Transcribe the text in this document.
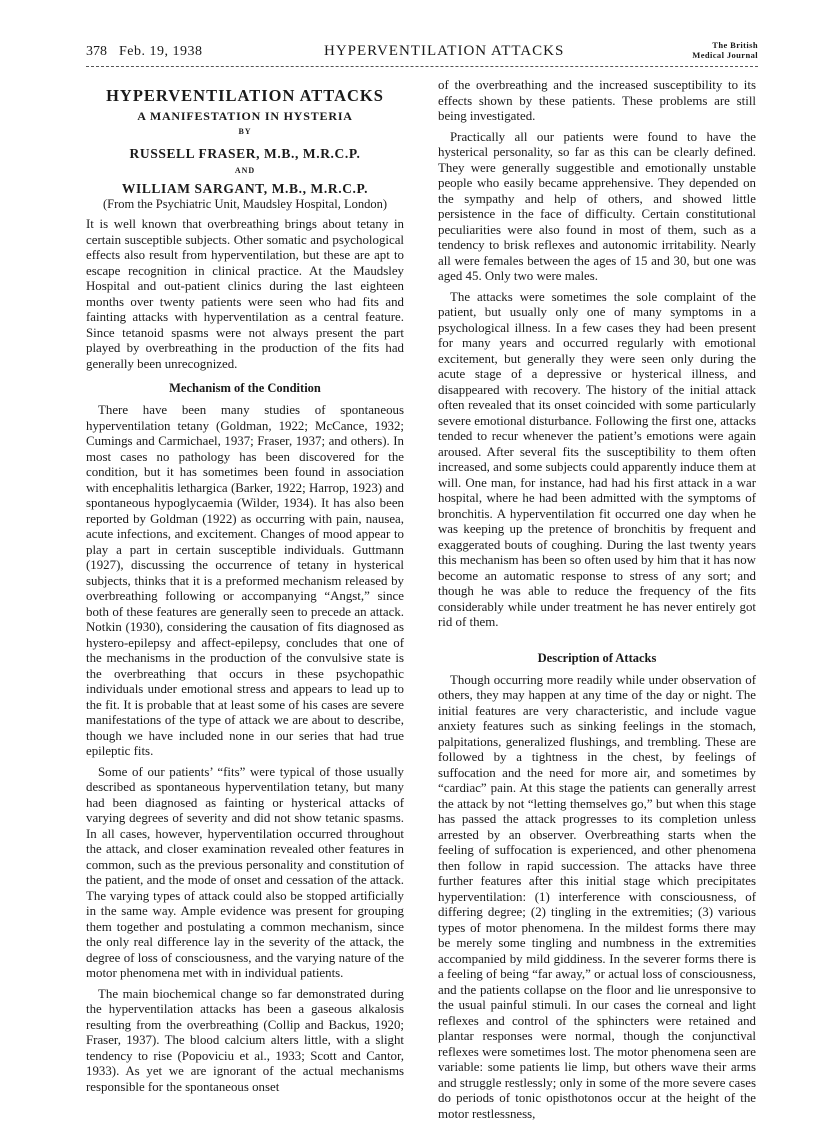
378 Feb. 19, 1938	HYPERVENTILATION ATTACKS	The British
Medical Journal
HYPERVENTILATION ATTACKS
A MANIFESTATION IN HYSTERIA
BY
RUSSELL FRASER, M.B., M.R.C.P.
AND
WILLIAM SARGANT, M.B., M.R.C.P.
(From the Psychiatric Unit, Maudsley Hospital, London)

It is well known that overbreathing brings about tetany in certain susceptible subjects. Other somatic and psychological effects also result from hyperventilation, but these are apt to escape recognition in clinical practice. At the Maudsley Hospital and out-patient clinics during the last eighteen months over twenty patients were seen who had fits and fainting attacks with hyperventilation as a central feature. Since tetanoid spasms were not always present the part played by overbreathing in the production of the fits had generally been unrecognized.

Mechanism of the Condition

There have been many studies of spontaneous hyperventilation tetany (Goldman, 1922; McCance, 1932; Cumings and Carmichael, 1937; Fraser, 1937; and others). In most cases no pathology has been discovered for the condition, but it has sometimes been found in association with encephalitis lethargica (Barker, 1922; Harrop, 1923) and spontaneous hypoglycaemia (Wilder, 1934). It has also been reported by Goldman (1922) as occurring with pain, nausea, acute infections, and excitement. Changes of mood appear to play a part in certain susceptible individuals. Guttmann (1927), discussing the occurrence of tetany in hysterical subjects, thinks that it is a preformed mechanism released by overbreathing following or accompanying “Angst,” since both of these features are generally seen to precede an attack. Notkin (1930), considering the causation of fits diagnosed as hystero-epilepsy and affect-epilepsy, concludes that one of the mechanisms in the production of the convulsive state is the overbreathing that occurs in these psychopathic individuals under emotional stress and appears to lead up to the fit. It is probable that at least some of his cases are severe manifestations of the type of attack we are about to describe, though we have included none in our series that had true epileptic fits.

Some of our patients’ “fits” were typical of those usually described as spontaneous hyperventilation tetany, but many had been diagnosed as fainting or hysterical attacks of varying degrees of severity and did not show tetanic spasms. In all cases, however, hyperventilation occurred throughout the attack, and closer examination revealed other features in common, such as the previous personality and constitution of the patient, and the mode of onset and cessation of the attack. The varying types of attack could also be stopped artificially in the same way. Ample evidence was present for grouping them together and postulating a common mechanism, since the only real difference lay in the severity of the attack, the degree of loss of consciousness, and the varying nature of the motor phenomena met with in individual patients.

The main biochemical change so far demonstrated during the hyperventilation attacks has been a gaseous alkalosis resulting from the overbreathing (Collip and Backus, 1920; Fraser, 1937). The blood calcium alters little, with a slight tendency to rise (Popoviciu et al., 1933; Scott and Cantor, 1933). As yet we are ignorant of the actual mechanisms responsible for the spontaneous onset

of the overbreathing and the increased susceptibility to its effects shown by these patients. These problems are still being investigated.

Practically all our patients were found to have the hysterical personality, so far as this can be clearly defined. They were generally suggestible and emotionally unstable people who easily became apprehensive. They depended on the sympathy and help of others, and showed little persistence in the face of difficulty. Certain constitutional peculiarities were also found in most of them, such as a tendency to brisk reflexes and autonomic irritability. Nearly all were females between the ages of 15 and 30, but one was aged 45. Only two were males.

The attacks were sometimes the sole complaint of the patient, but usually only one of many symptoms in a psychological illness. In a few cases they had been present for many years and occurred regularly with emotional excitement, but generally they were seen only during the acute stage of a depressive or hysterical illness, and disappeared with recovery. The history of the initial attack often revealed that its onset coincided with some particularly severe emotional disturbance. Following the first one, attacks tended to recur whenever the patient’s emotions were again aroused. After several fits the susceptibility to them often increased, and some subjects could apparently induce them at will. One man, for instance, had had his first attack in a war hospital, where he had been admitted with the symptoms of bronchitis. A hyperventilation fit occurred one day when he was keeping up the pretence of bronchitis by frequent and exaggerated bouts of coughing. During the last twenty years this mechanism has been so often used by him that it has now become an automatic response to stress of any sort; and though he was able to reduce the frequency of the fits considerably while under treatment he has never entirely got rid of them.

Description of Attacks

Though occurring more readily while under observation of others, they may happen at any time of the day or night. The initial features are very characteristic, and include vague anxiety features such as sinking feelings in the stomach, palpitations, generalized flushings, and trembling. These are followed by a tightness in the chest, by feelings of suffocation and the need for more air, and sometimes by “cardiac” pain. At this stage the patients can generally arrest the attack by not “letting themselves go,” but when this stage has passed the attack progresses to its completion unless arrested by an observer. Overbreathing starts when the feeling of suffocation is experienced, and other phenomena then follow in rapid succession. The attacks have three further features after this initial stage which precipitates hyperventilation: (1) interference with consciousness, of differing degree; (2) tingling in the extremities; (3) various types of motor phenomena. In the mildest forms there may be merely some tingling and numbness in the extremities accompanied by mild giddiness. In the severer forms there is a feeling of being “far away,” or actual loss of consciousness, and the patients collapse on the floor and lie unresponsive to the usual painful stimuli. In our cases the corneal and light reflexes and control of the sphincters were retained and plantar responses were normal, though the conjunctival reflexes were sometimes lost. The motor phenomena seen are variable: some patients lie limp, but others wave their arms and struggle restlessly; only in some of the more severe cases do periods of tonic opisthotonos occur at the height of the motor restlessness,
